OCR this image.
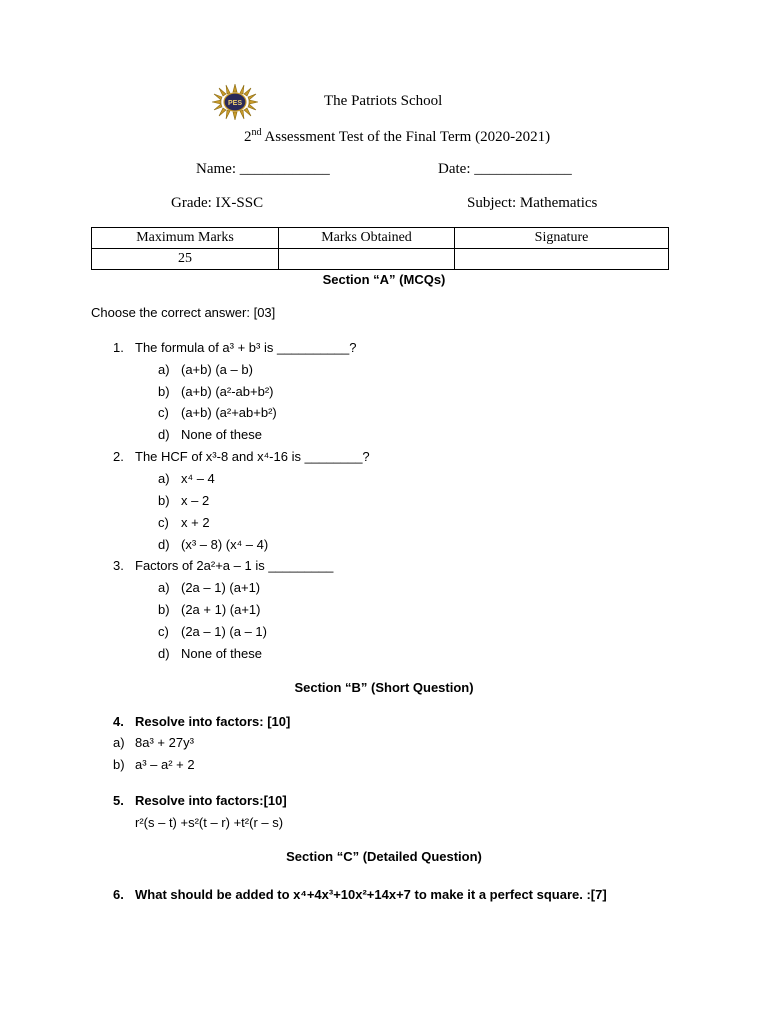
PES	The Patriots School
2nd Assessment Test of the Final Term (2020-2021)
Name: ____________	Date: _____________
Grade: IX-SSC	Subject: Mathematics
Maximum Marks	Marks Obtained	Signature
25		
Section “A” (MCQs)
Choose the correct answer: [03]
1. The formula of a³ + b³ is __________?
a) (a+b) (a – b)
b) (a+b) (a²-ab+b²)
c) (a+b) (a²+ab+b²)
d) None of these
2. The HCF of x³-8 and x⁴-16 is ________?
a) x⁴ – 4
b) x – 2
c) x + 2
d) (x³ – 8) (x⁴ – 4)
3. Factors of 2a²+a – 1 is _________
a) (2a – 1) (a+1)
b) (2a + 1) (a+1)
c) (2a – 1) (a – 1)
d) None of these
Section “B” (Short Question)
4. Resolve into factors: [10]
a) 8a³ + 27y³
b) a³ – a² + 2
5. Resolve into factors:[10]
r²(s – t) +s²(t – r) +t²(r – s)
Section “C” (Detailed Question)
6. What should be added to x⁴+4x³+10x²+14x+7 to make it a perfect square. :[7]
